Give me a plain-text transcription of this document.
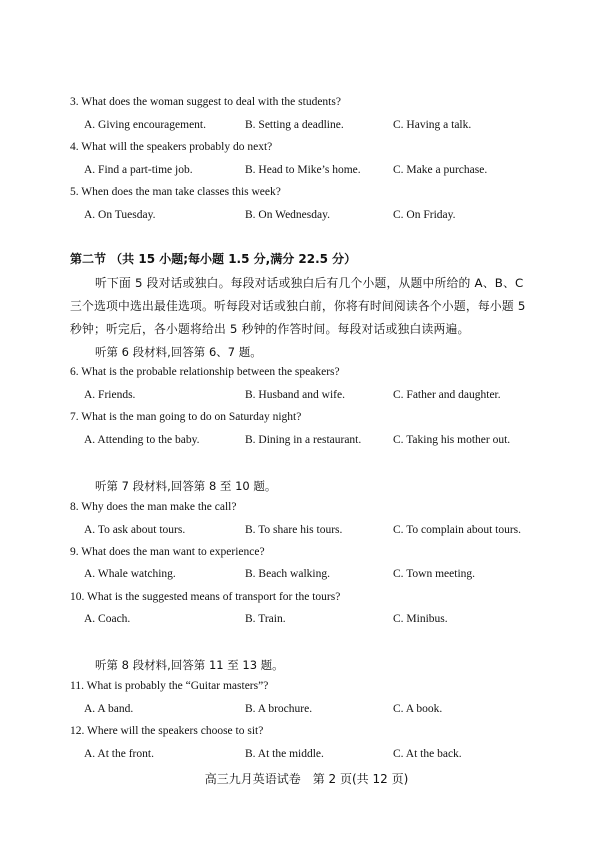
3. What does the woman suggest to deal with the students?
A. Giving encouragement.	B. Setting a deadline.	C. Having a talk.
4. What will the speakers probably do next?
A. Find a part-time job.	B. Head to Mike’s home.	C. Make a purchase.
5. When does the man take classes this week?
A. On Tuesday.	B. On Wednesday.	C. On Friday.
第二节 （共 15 小题;每小题 1.5 分,满分 22.5 分）
听下面 5 段对话或独白。每段对话或独白后有几个小题，从题中所给的 A、B、C
三个选项中选出最佳选项。听每段对话或独白前，你将有时间阅读各个小题，每小题 5
秒钟；听完后，各小题将给出 5 秒钟的作答时间。每段对话或独白读两遍。
听第 6 段材料,回答第 6、7 题。
6. What is the probable relationship between the speakers?
A. Friends.	B. Husband and wife.	C. Father and daughter.
7. What is the man going to do on Saturday night?
A. Attending to the baby.	B. Dining in a restaurant.	C. Taking his mother out.
听第 7 段材料,回答第 8 至 10 题。
8. Why does the man make the call?
A. To ask about tours.	B. To share his tours.	C. To complain about tours.
9. What does the man want to experience?
A. Whale watching.	B. Beach walking.	C. Town meeting.
10. What is the suggested means of transport for the tours?
A. Coach.	B. Train.	C. Minibus.
听第 8 段材料,回答第 11 至 13 题。
11. What is probably the “Guitar masters”?
A. A band.	B. A brochure.	C. A book.
12. Where will the speakers choose to sit?
A. At the front.	B. At the middle.	C. At the back.
高三九月英语试卷　第 2 页(共 12 页)
